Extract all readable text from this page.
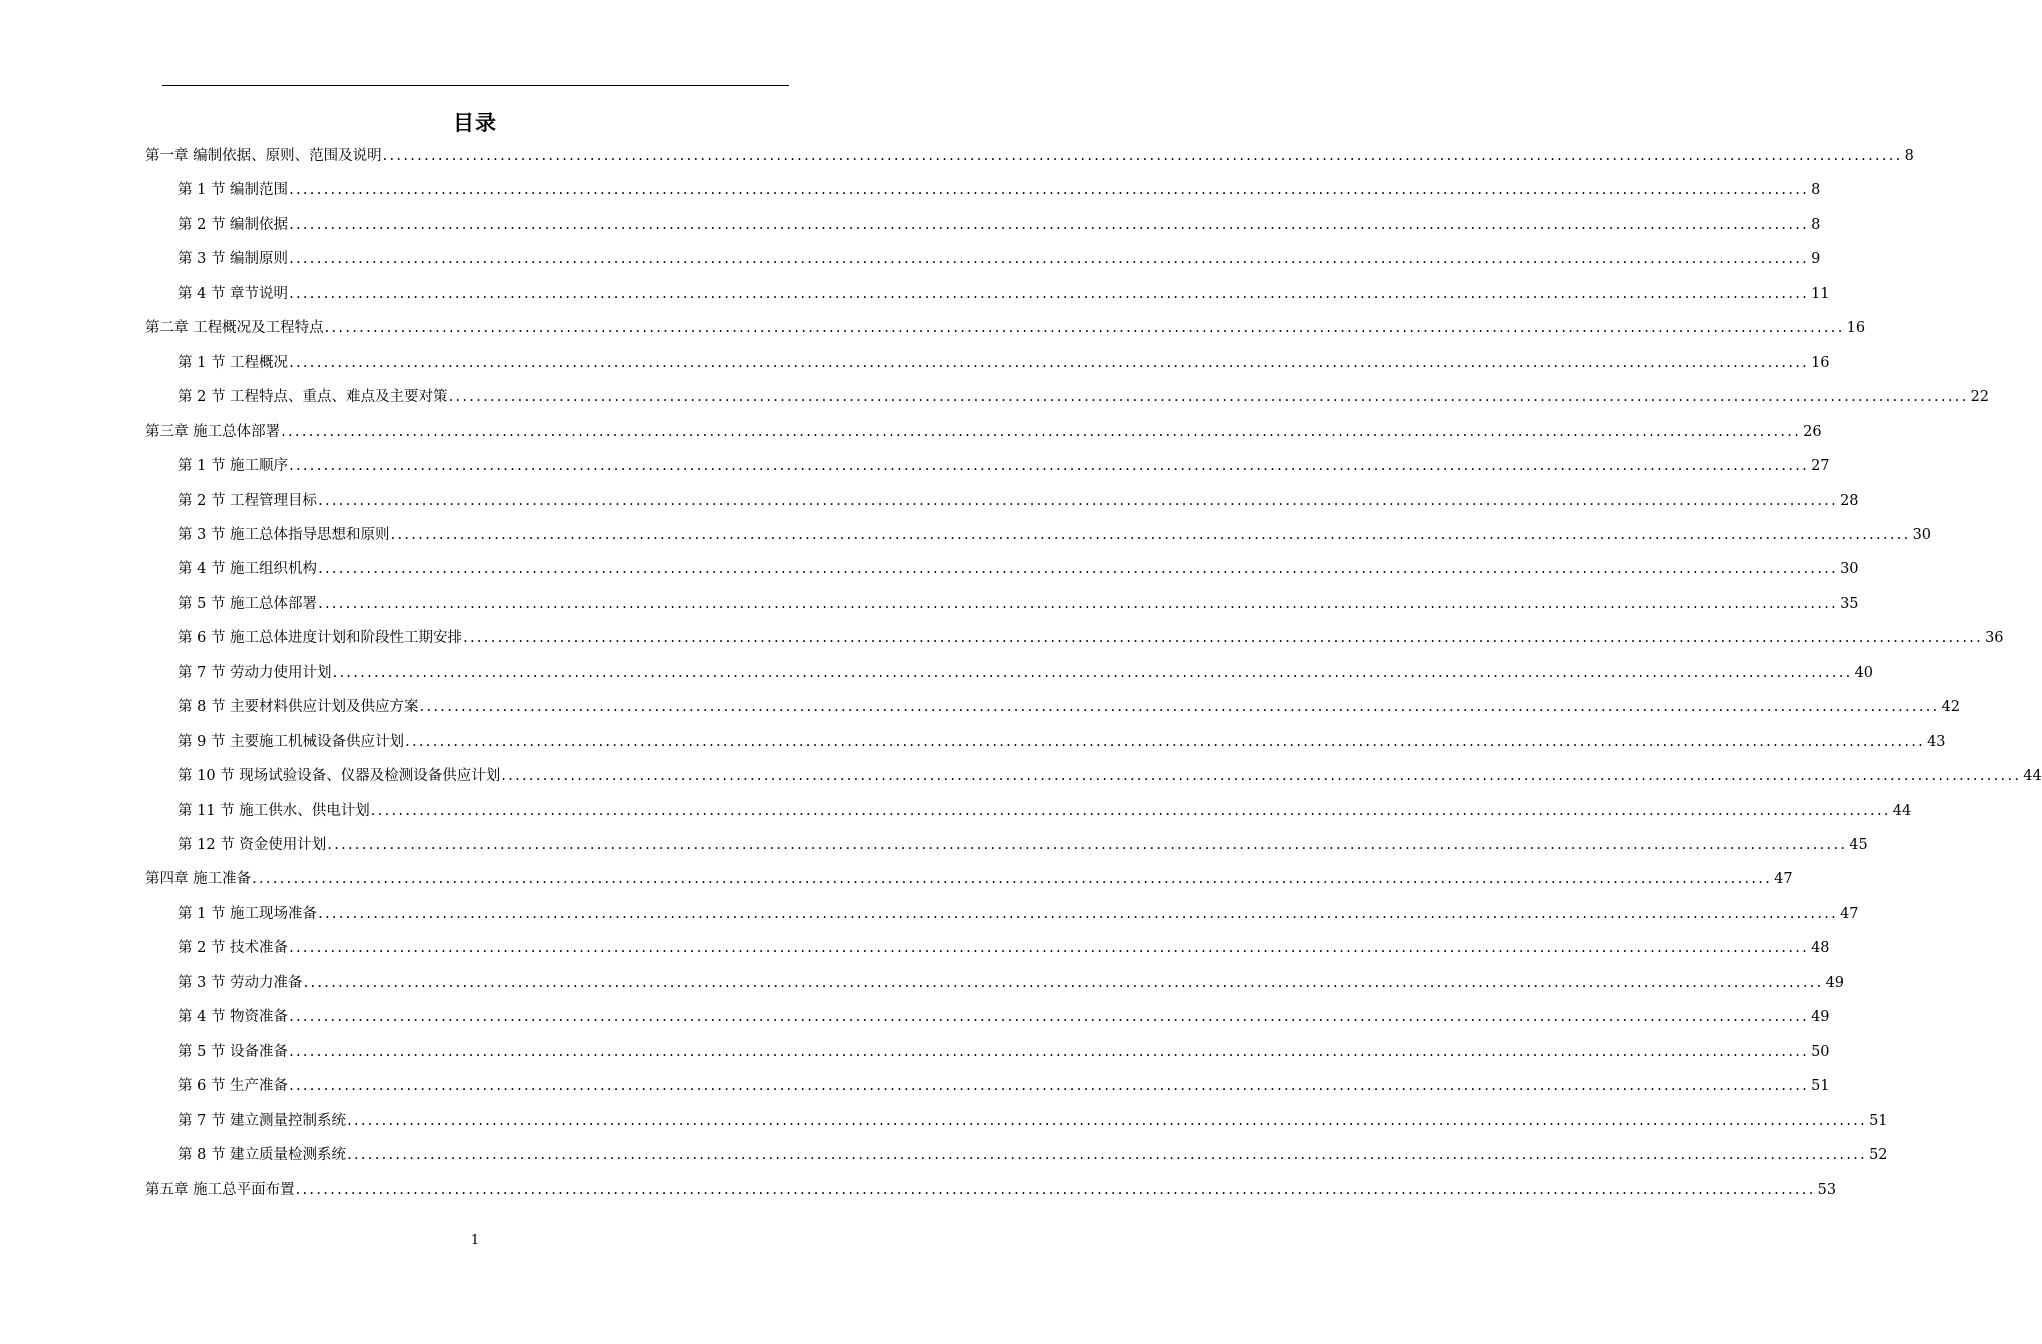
目录
第一章 编制依据、原则、范围及说明 ............................................................................................................................................................................................................................ 8
第 1 节 编制范围 ............................................................................................................................................................................................................................ 8
第 2 节 编制依据 ............................................................................................................................................................................................................................ 8
第 3 节 编制原则 ............................................................................................................................................................................................................................ 9
第 4 节 章节说明 ............................................................................................................................................................................................................................ 11
第二章 工程概况及工程特点 ............................................................................................................................................................................................................................ 16
第 1 节 工程概况 ............................................................................................................................................................................................................................ 16
第 2 节 工程特点、重点、难点及主要对策 ............................................................................................................................................................................................................................ 22
第三章 施工总体部署 ............................................................................................................................................................................................................................ 26
第 1 节 施工顺序 ............................................................................................................................................................................................................................ 27
第 2 节 工程管理目标 ............................................................................................................................................................................................................................ 28
第 3 节 施工总体指导思想和原则 ............................................................................................................................................................................................................................ 30
第 4 节 施工组织机构 ............................................................................................................................................................................................................................ 30
第 5 节 施工总体部署 ............................................................................................................................................................................................................................ 35
第 6 节 施工总体进度计划和阶段性工期安排 ............................................................................................................................................................................................................................ 36
第 7 节 劳动力使用计划 ............................................................................................................................................................................................................................ 40
第 8 节 主要材料供应计划及供应方案 ............................................................................................................................................................................................................................ 42
第 9 节 主要施工机械设备供应计划 ............................................................................................................................................................................................................................ 43
第 10 节 现场试验设备、仪器及检测设备供应计划 ............................................................................................................................................................................................................................ 44
第 11 节 施工供水、供电计划 ............................................................................................................................................................................................................................ 44
第 12 节 资金使用计划 ............................................................................................................................................................................................................................ 45
第四章 施工准备 ............................................................................................................................................................................................................................ 47
第 1 节 施工现场准备 ............................................................................................................................................................................................................................ 47
第 2 节 技术准备 ............................................................................................................................................................................................................................ 48
第 3 节 劳动力准备 ............................................................................................................................................................................................................................ 49
第 4 节 物资准备 ............................................................................................................................................................................................................................ 49
第 5 节 设备准备 ............................................................................................................................................................................................................................ 50
第 6 节 生产准备 ............................................................................................................................................................................................................................ 51
第 7 节 建立测量控制系统 ............................................................................................................................................................................................................................ 51
第 8 节 建立质量检测系统 ............................................................................................................................................................................................................................ 52
第五章 施工总平面布置 ............................................................................................................................................................................................................................ 53
1
